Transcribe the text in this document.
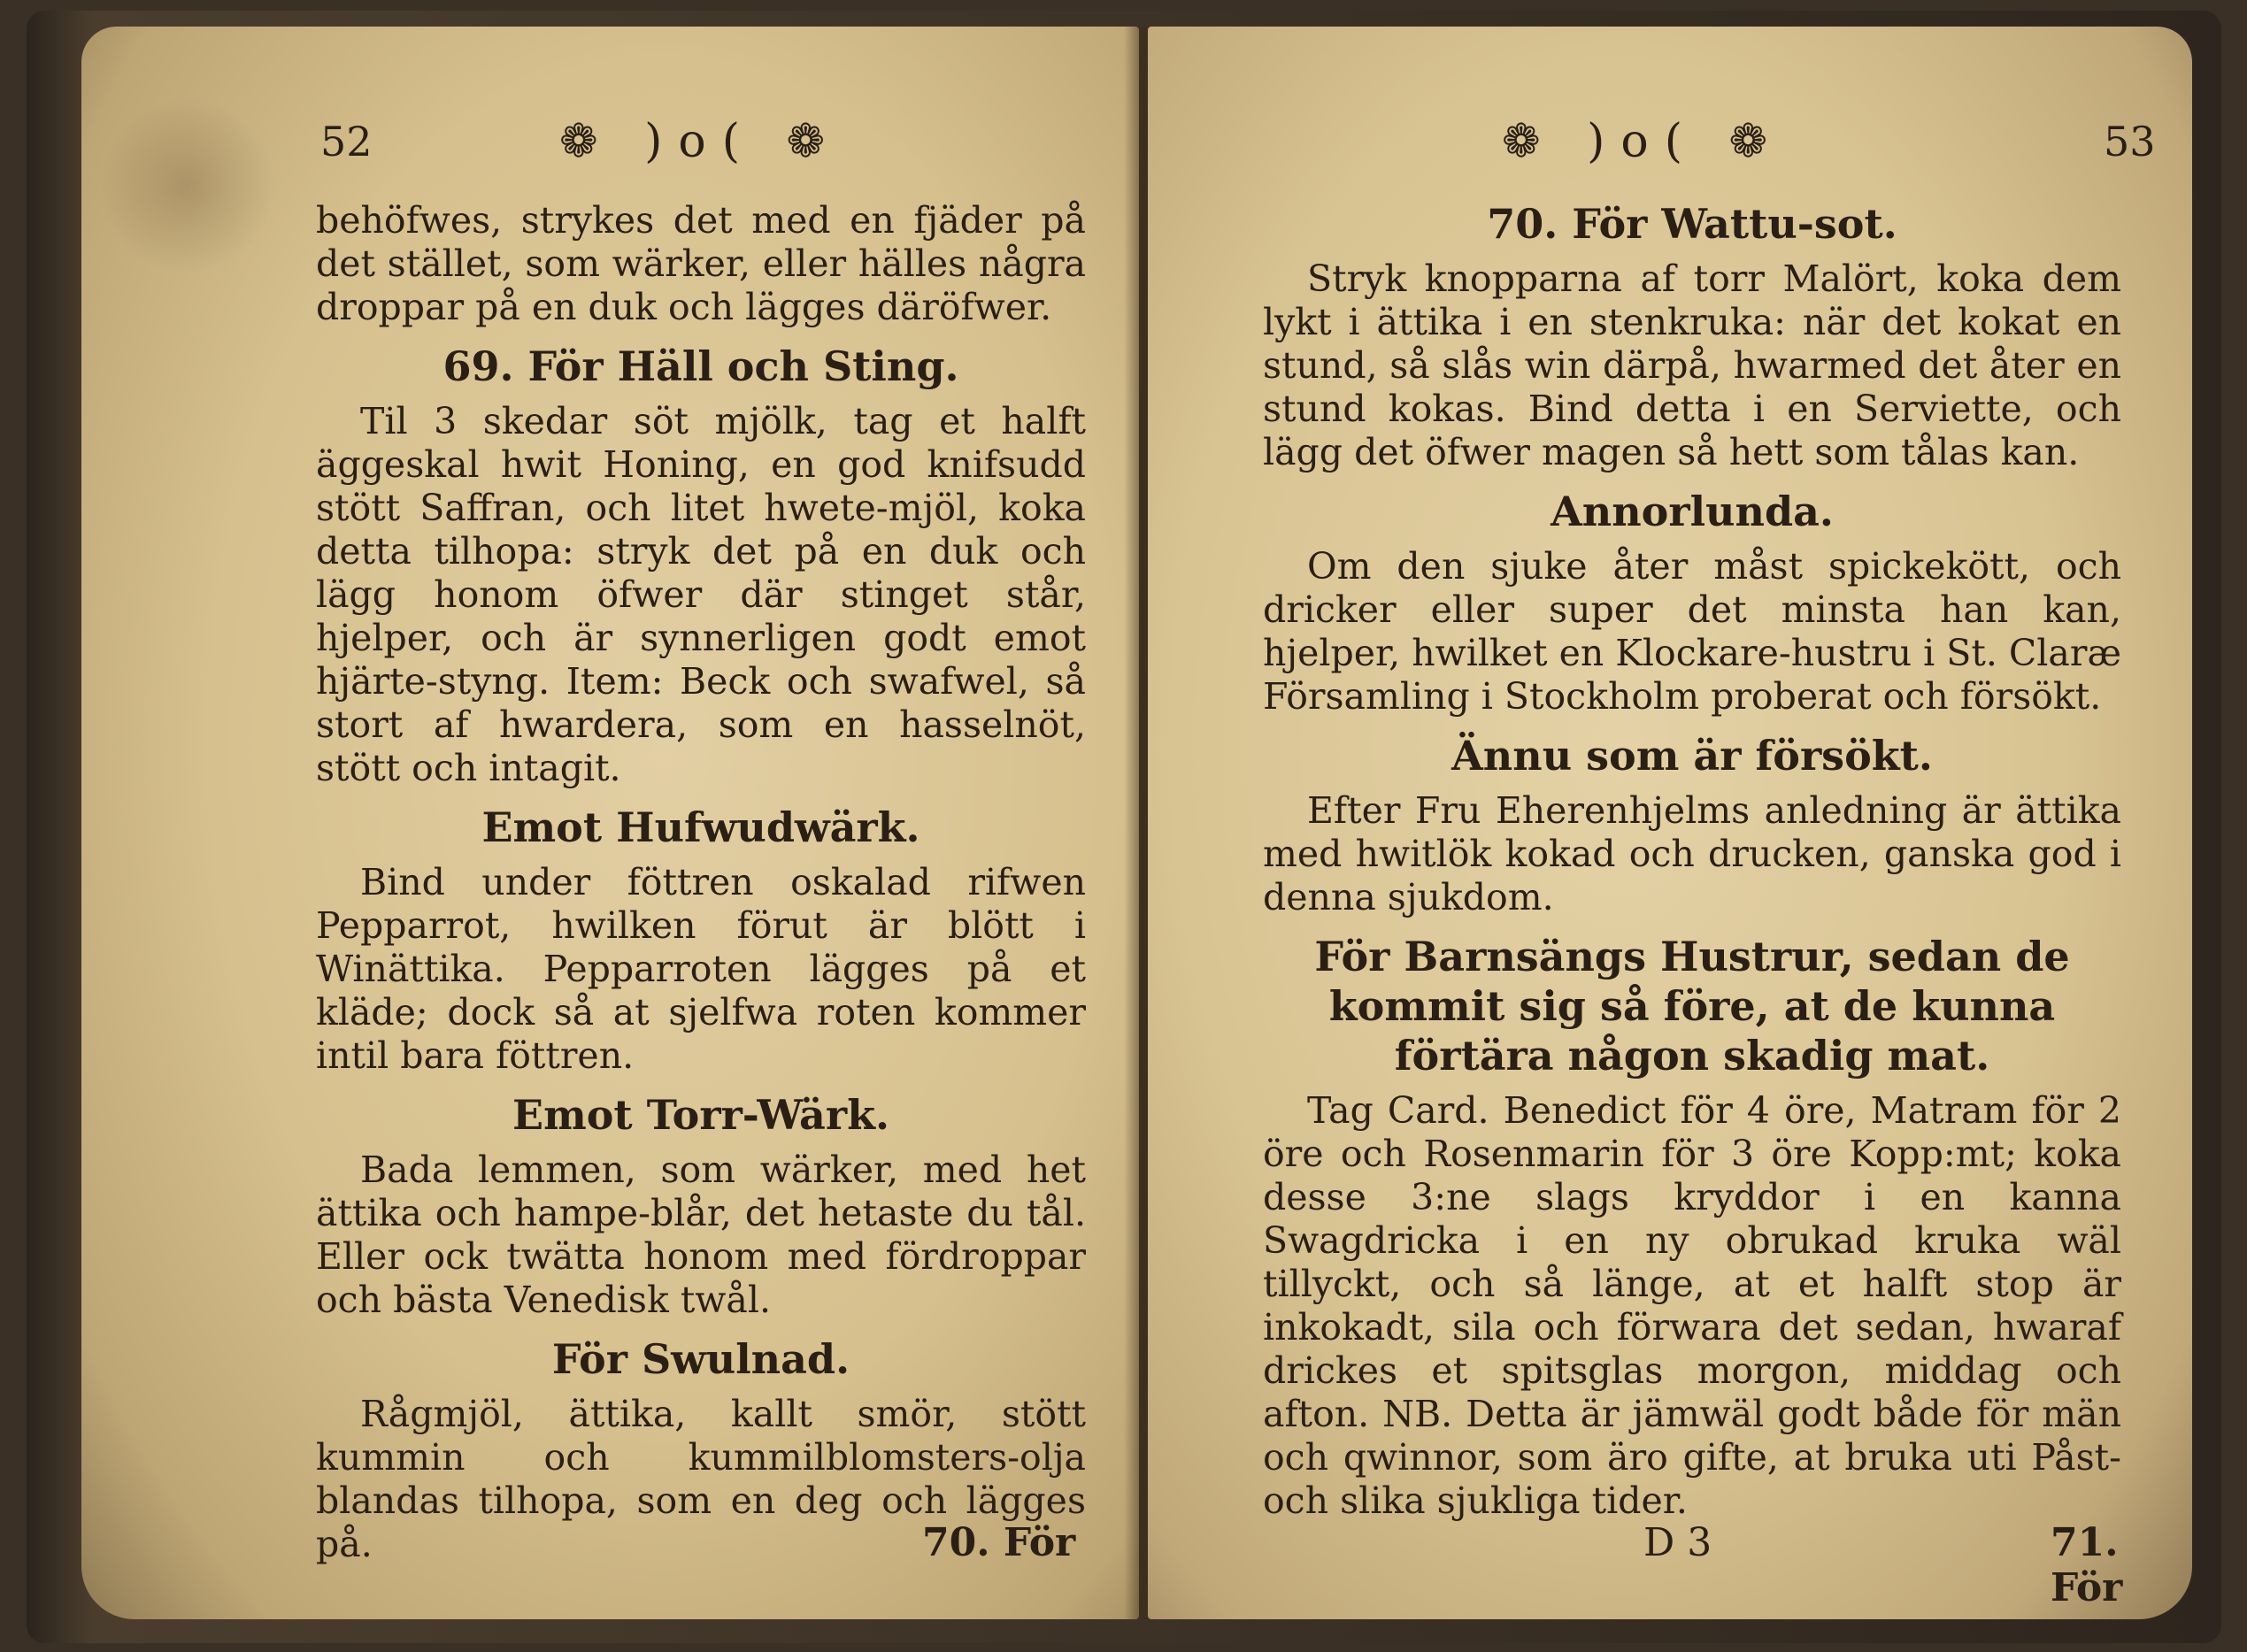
52	❁ )o( ❁

behöfwes, strykes det med en fjäder på det stället, som wärker, eller hälles några droppar på en duk och lägges däröfwer.

69. För Häll och Sting.

Til 3 skedar söt mjölk, tag et halft äggeskal hwit Honing, en god knifsudd stött Saffran, och litet hwete-mjöl, koka detta tilhopa: stryk det på en duk och lägg honom öfwer där stinget står, hjelper, och är synnerligen godt emot hjärte-styng. Item: Beck och swafwel, så stort af hwardera, som en hasselnöt, stött och intagit.

Emot Hufwudwärk.

Bind under föttren oskalad rifwen Pepparrot, hwilken förut är blött i Winättika. Pepparroten lägges på et kläde; dock så at sjelfwa roten kommer intil bara föttren.

Emot Torr-Wärk.

Bada lemmen, som wärker, med het ättika och hampe-blår, det hetaste du tål. Eller ock twätta honom med fördroppar och bästa Venedisk twål.

För Swulnad.

Rågmjöl, ättika, kallt smör, stött kummin och kummilblomsters-olja blandas tilhopa, som en deg och lägges på.	70. För
❁ )o( ❁	53
70. För Wattu-sot.

Stryk knopparna af torr Malört, koka dem lykt i ättika i en stenkruka: när det kokat en stund, så slås win därpå, hwarmed det åter en stund kokas. Bind detta i en Serviette, och lägg det öfwer magen så hett som tålas kan.

Annorlunda.

Om den sjuke åter måst spickekött, och dricker eller super det minsta han kan, hjelper, hwilket en Klockare-hustru i St. Claræ Församling i Stockholm proberat och försökt.

Ännu som är försökt.

Efter Fru Eherenhjelms anledning är ättika med hwitlök kokad och drucken, ganska god i denna sjukdom.

För Barnsängs Hustrur, sedan de kommit sig så före, at de kunna förtära någon skadig mat.

Tag Card. Benedict för 4 öre, Matram för 2 öre och Rosenmarin för 3 öre Kopp:mt; koka desse 3:ne slags kryddor i en kanna Swagdricka i en ny obrukad kruka wäl tillyckt, och så länge, at et halft stop är inkokadt, sila och förwara det sedan, hwaraf drickes et spitsglas morgon, middag och afton. NB. Detta är jämwäl godt både för män och qwinnor, som äro gifte, at bruka uti Påst- och slika sjukliga tider.

D 3	71. För
